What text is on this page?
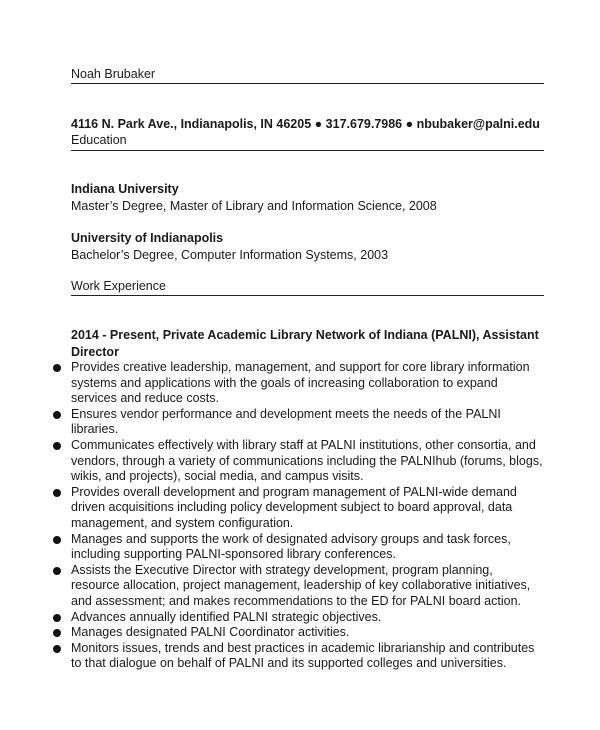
Noah Brubaker
4116 N. Park Ave., Indianapolis, IN 46205 ● 317.679.7986 ● nbubaker@palni.edu
Education
Indiana University
Master’s Degree, Master of Library and Information Science, 2008
University of Indianapolis
Bachelor’s Degree, Computer Information Systems, 2003
Work Experience
2014 - Present, Private Academic Library Network of Indiana (PALNI), Assistant Director
Provides creative leadership, management, and support for core library information systems and applications with the goals of increasing collaboration to expand services and reduce costs.
Ensures vendor performance and development meets the needs of the PALNI libraries.
Communicates effectively with library staff at PALNI institutions, other consortia, and vendors, through a variety of communications including the PALNIhub (forums, blogs, wikis, and projects), social media, and campus visits.
Provides overall development and program management of PALNI-wide demand driven acquisitions including policy development subject to board approval, data management, and system configuration.
Manages and supports the work of designated advisory groups and task forces, including supporting PALNI-sponsored library conferences.
Assists the Executive Director with strategy development, program planning, resource allocation, project management, leadership of key collaborative initiatives, and assessment; and makes recommendations to the ED for PALNI board action.
Advances annually identified PALNI strategic objectives.
Manages designated PALNI Coordinator activities.
Monitors issues, trends and best practices in academic librarianship and contributes to that dialogue on behalf of PALNI and its supported colleges and universities.
